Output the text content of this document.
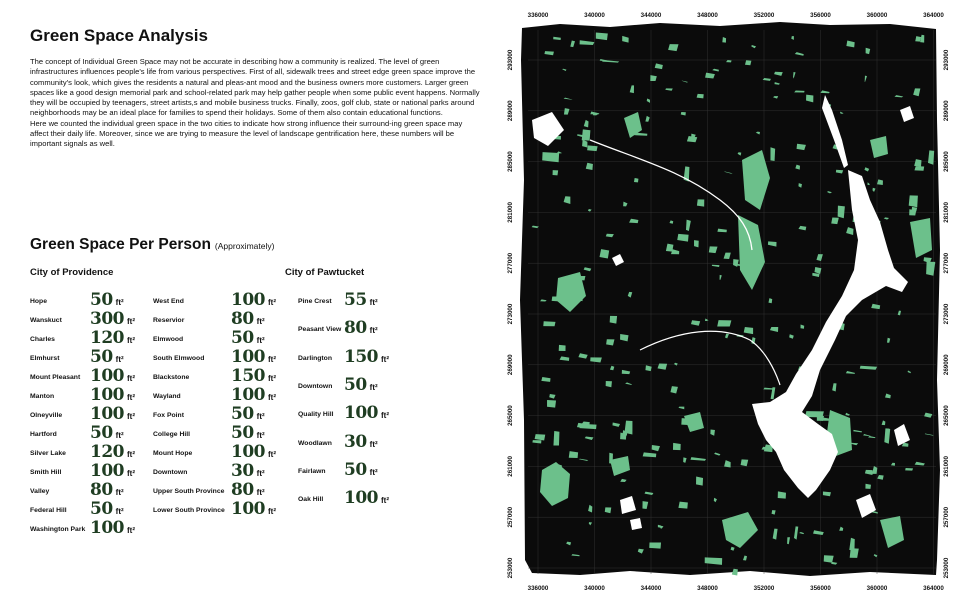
Green Space Analysis

The concept of Individual Green Space may not be accurate in describing how a community is realized. The level of green infrastructures influences people's life from various perspectives. First of all, sidewalk trees and street edge green space improve the community's look, which gives the residents a natural and pleas-ant mood and the business owners more customers. Larger green spaces like a good design memorial park and school-related park may help gather people when some public event happens. Normally they will be occupied by teenagers, street artists,s and mobile business trucks. Finally, zoos, golf club, state or national parks around neighborhoods may be an ideal place for families to spend their holidays. Some of them also contain educational functions.

Here we counted the individual green space in the two cities to indicate how strong influence their surround-ing green space may affect their daily life. Moreover, since we are trying to measure the level of landscape gentrification here, these numbers will be important signals as well.

Green Space Per Person (Approximately)
City of Providence	City of Pawtucket
Hope	50 ft²
Wanskuct 300 ft²
Charles 120 ft²
Elmhurst 50 ft²
Mount Pleasant 100 ft²
Manton 100 ft²
Olneyville 100 ft²
Hartford 50 ft²
Silver Lake 120 ft²
Smith Hill 100 ft²
Valley 80 ft²
Federal Hill 50 ft²
Washington Park 100 ft²
West End	100 ft²
Reservior	80 ft²
Elmwood	50 ft²
South Elmwood 100 ft²
Blackstone 150 ft²
Wayland	100 ft²
Fox Point	50 ft²
College Hill 50 ft²
Mount Hope 100 ft²
Downtown	30 ft²
Upper South Province 80 ft²
Lower South Province 100 ft²
Pine Crest 55 ft²
Peasant View 80 ft²
Darlington 150 ft²
Downtown 50 ft²
Quality Hill 100 ft²
Woodlawn 30 ft²
Fairlawn 50 ft²
Oak Hill 100 ft²
336000
336000
340000
340000
344000
344000
348000
348000
352000
352000
356000
356000
360000
360000
364000
364000
293000	293000
289000	289000
285000	285000
281000	281000
277000	277000
273000	273000
269000	269000
265000	265000
261000	261000
257000	257000
253000	253000
